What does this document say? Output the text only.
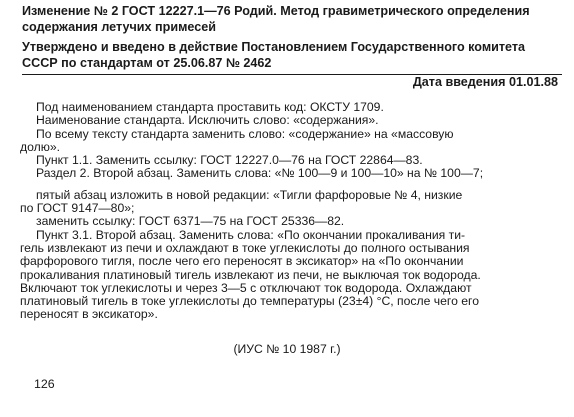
Изменение № 2 ГОСТ 12227.1—76 Родий. Метод гравиметрического определения
содержания летучих примесей
Утверждено и введено в действие Постановлением Государственного комитета
СССР по стандартам от 25.06.87 № 2462
Дата введения 01.01.88
Под наименованием стандарта проставить код: ОКСТУ 1709.
Наименование стандарта. Исключить слово: «содержания».
По всему тексту стандарта заменить слово: «содержание» на «массовую
долю».
Пункт 1.1. Заменить ссылку: ГОСТ 12227.0—76 на ГОСТ 22864—83.
Раздел 2. Второй абзац. Заменить слова: «№ 100—9 и 100—10» на № 100—7;
пятый абзац изложить в новой редакции: «Тигли фарфоровые № 4, низкие
по ГОСТ 9147—80»;
заменить ссылку: ГОСТ 6371—75 на ГОСТ 25336—82.
Пункт 3.1. Второй абзац. Заменить слова: «По окончании прокаливания ти-
гель извлекают из печи и охлаждают в токе углекислоты до полного остывания
фарфорового тигля, после чего его переносят в эксикатор» на «По окончании
прокаливания платиновый тигель извлекают из печи, не выключая ток водорода.
Включают ток углекислоты и через 3—5 с отключают ток водорода. Охлаждают
платиновый тигель в токе углекислоты до температуры (23±4) °С, после чего его
переносят в эксикатор».
(ИУС № 10 1987 г.)
126
